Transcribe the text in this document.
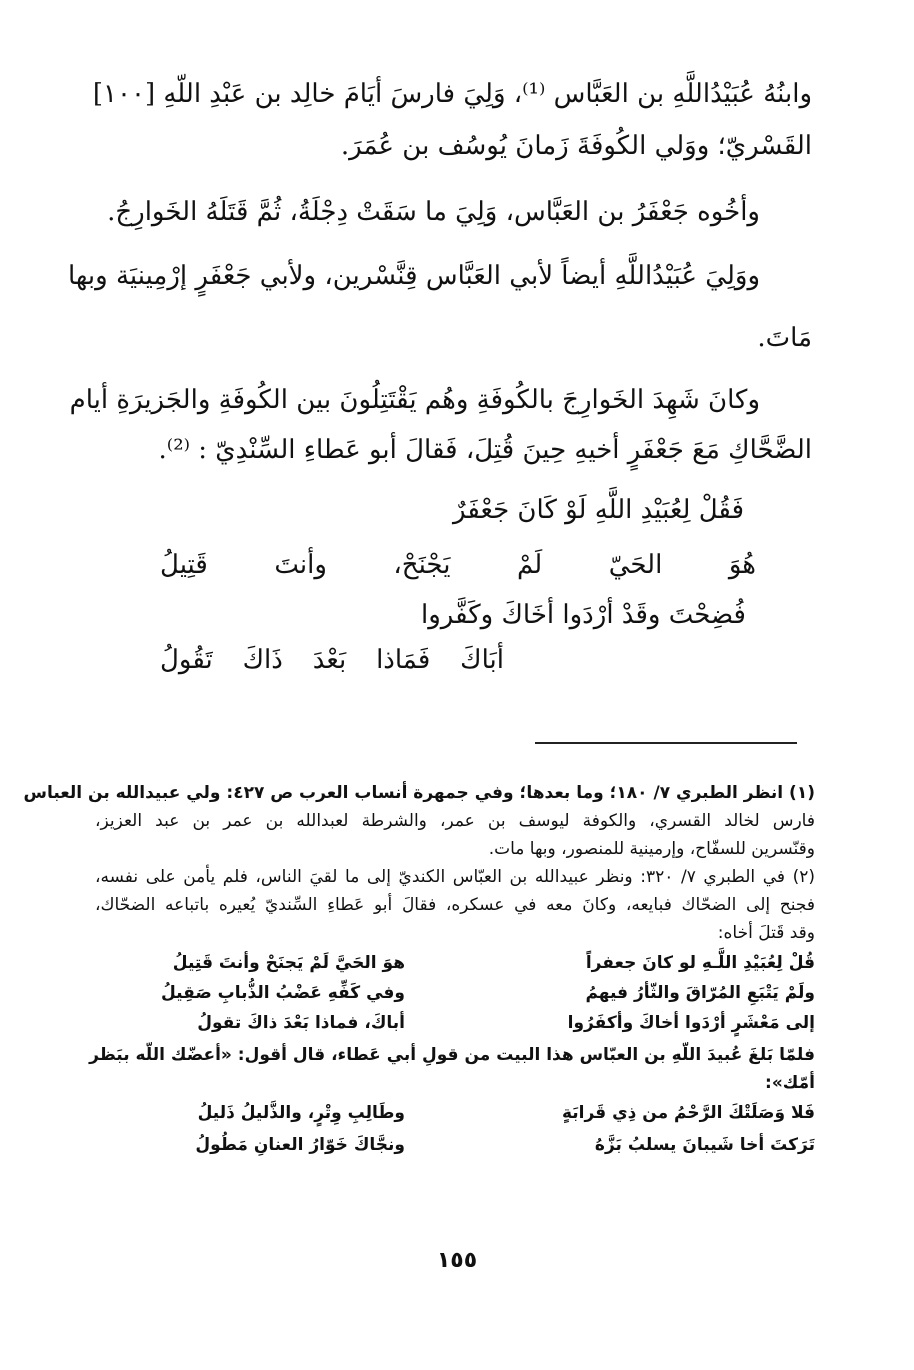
وابنُهُ عُبَيْدُاللَّهِ بن العَبَّاس ⁽¹⁾، وَلِيَ فارسَ أيَامَ خالِد بن عَبْدِ اللّهِ [١٠٠]
القَسْريّ؛ ووَلي الكُوفَةَ زَمانَ يُوسُف بن عُمَرَ.
وأخُوه جَعْفَرُ بن العَبَّاس، وَلِيَ ما سَقَتْ دِجْلَةُ، ثُمَّ قَتَلَهُ الخَوارِجُ.
ووَلِيَ عُبَيْدُاللَّهِ أيضاً لأبي العَبَّاس قِنَّسْرين، ولأبي جَعْفَرٍ إرْمِينيَة وبها
مَاتَ.
وكانَ شَهِدَ الخَوارِجَ بالكُوفَةِ وهُم يَقْتَتِلُونَ بين الكُوفَةِ والجَزيرَةِ أيام
الضَّحَّاكِ مَعَ جَعْفَرٍ أخيهِ حِينَ قُتِلَ، فَقالَ أبو عَطاءِ السِّنْدِيّ : ⁽²⁾.
فَقُلْ لِعُبَيْدِ اللَّهِ لَوْ كَانَ جَعْفَرٌ
هُوَ الحَيّ لَمْ يَجْنَحْ، وأنتَ قَتِيلُ
فُضِحْتَ وقَدْ أرْدَوا أخَاكَ وكَفَّروا
أبَاكَ فَمَاذا بَعْدَ ذَاكَ تَقُولُ
(١) انظر الطبري ٧/ ١٨٠؛ وما بعدها؛ وفي جمهرة أنساب العرب ص ٤٢٧: ولي عبيدالله بن العباس
فارس لخالد القسري، والكوفة ليوسف بن عمر، والشرطة لعبدالله بن عمر بن عبد العزيز،
وقنّسرين للسفّاح، وإرمينية للمنصور، وبها مات.
(٢) في الطبري ٧/ ٣٢٠: ونظر عبيدالله بن العبّاس الكنديّ إلى ما لقيَ الناس، فلم يأمن على نفسه،
فجنح إلى الضحّاك فبايعه، وكانَ معه في عسكره، فقالَ أبو عَطاءِ السِّنديّ يُعيره باتباعه الضحّاك،
وقد قَتلَ أخاه:
قُلْ لِعُبَيْدِ اللَّـهِ لو كانَ جعفراً
هوَ الحَيَّ لَمْ يَجنَحْ وأنتَ قَتِيلُ
ولَمْ يَتْبَعِ المُرّاقَ والثّأرُ فيهمُ
وفي كَفِّهِ عَضْبُ الذُّبابِ صَقِيلُ
إلى مَعْشَرٍ أرْدَوا أخاكَ وأكفَرُوا
أباكَ، فماذا بَعْدَ ذاكَ تقولُ
فلمّا بَلغَ عُبيدَ اللّهِ بن العبّاس هذا البيت من قولِ أبي عَطاء، قال أقول: «أعضّك اللّه ببَظر
أمّك»:
فَلا وَصَلَتْكَ الرَّحْمُ من ذِي قَرابَةٍ
وطَالِبِ وِتْرٍ، والذَّليلُ ذَليلُ
تَرَكتَ أخا شَيبانَ يسلبُ بَزَّهُ
ونجَّاكَ خَوّارُ العنانِ مَطُولُ
١٥٥
